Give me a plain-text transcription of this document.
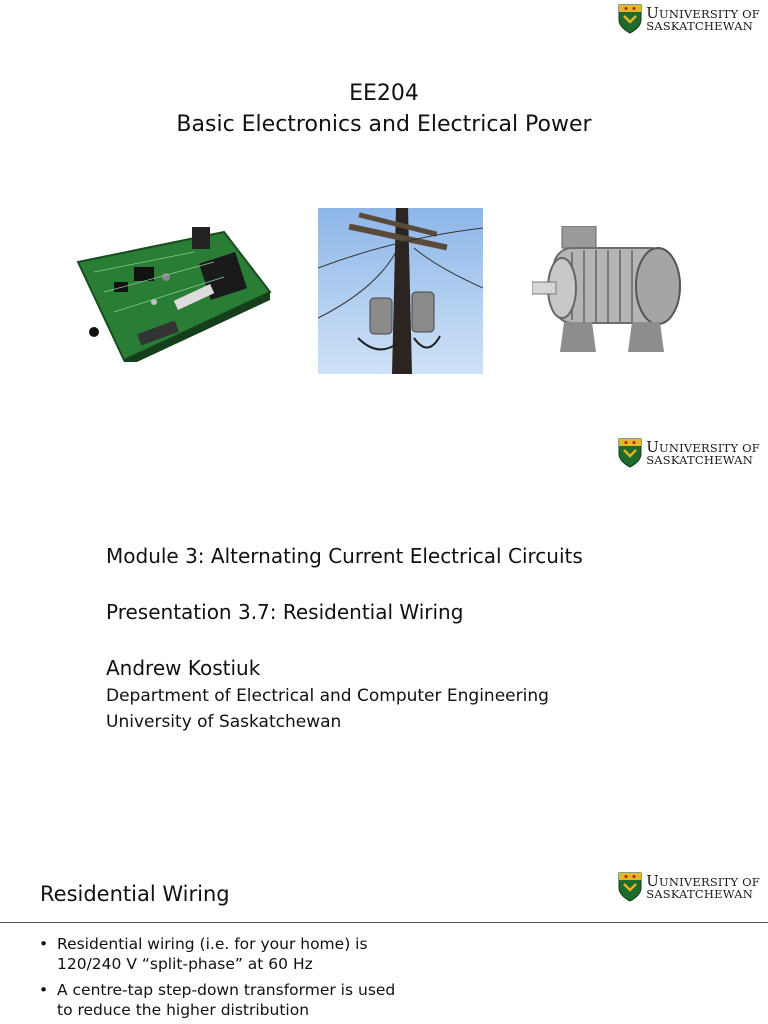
UUNIVERSITY OF
SASKATCHEWAN
EE204
Basic Electronics and Electrical Power
UUNIVERSITY OF
SASKATCHEWAN
Module 3: Alternating Current Electrical Circuits
Presentation 3.7: Residential Wiring
Andrew Kostiuk
Department of Electrical and Computer Engineering
University of Saskatchewan
UUNIVERSITY OF
SASKATCHEWAN
Residential Wiring
• Residential wiring (i.e. for your home) is 120/240 V “split-phase” at 60 Hz
• A centre-tap step-down transformer is used to reduce the higher distribution
